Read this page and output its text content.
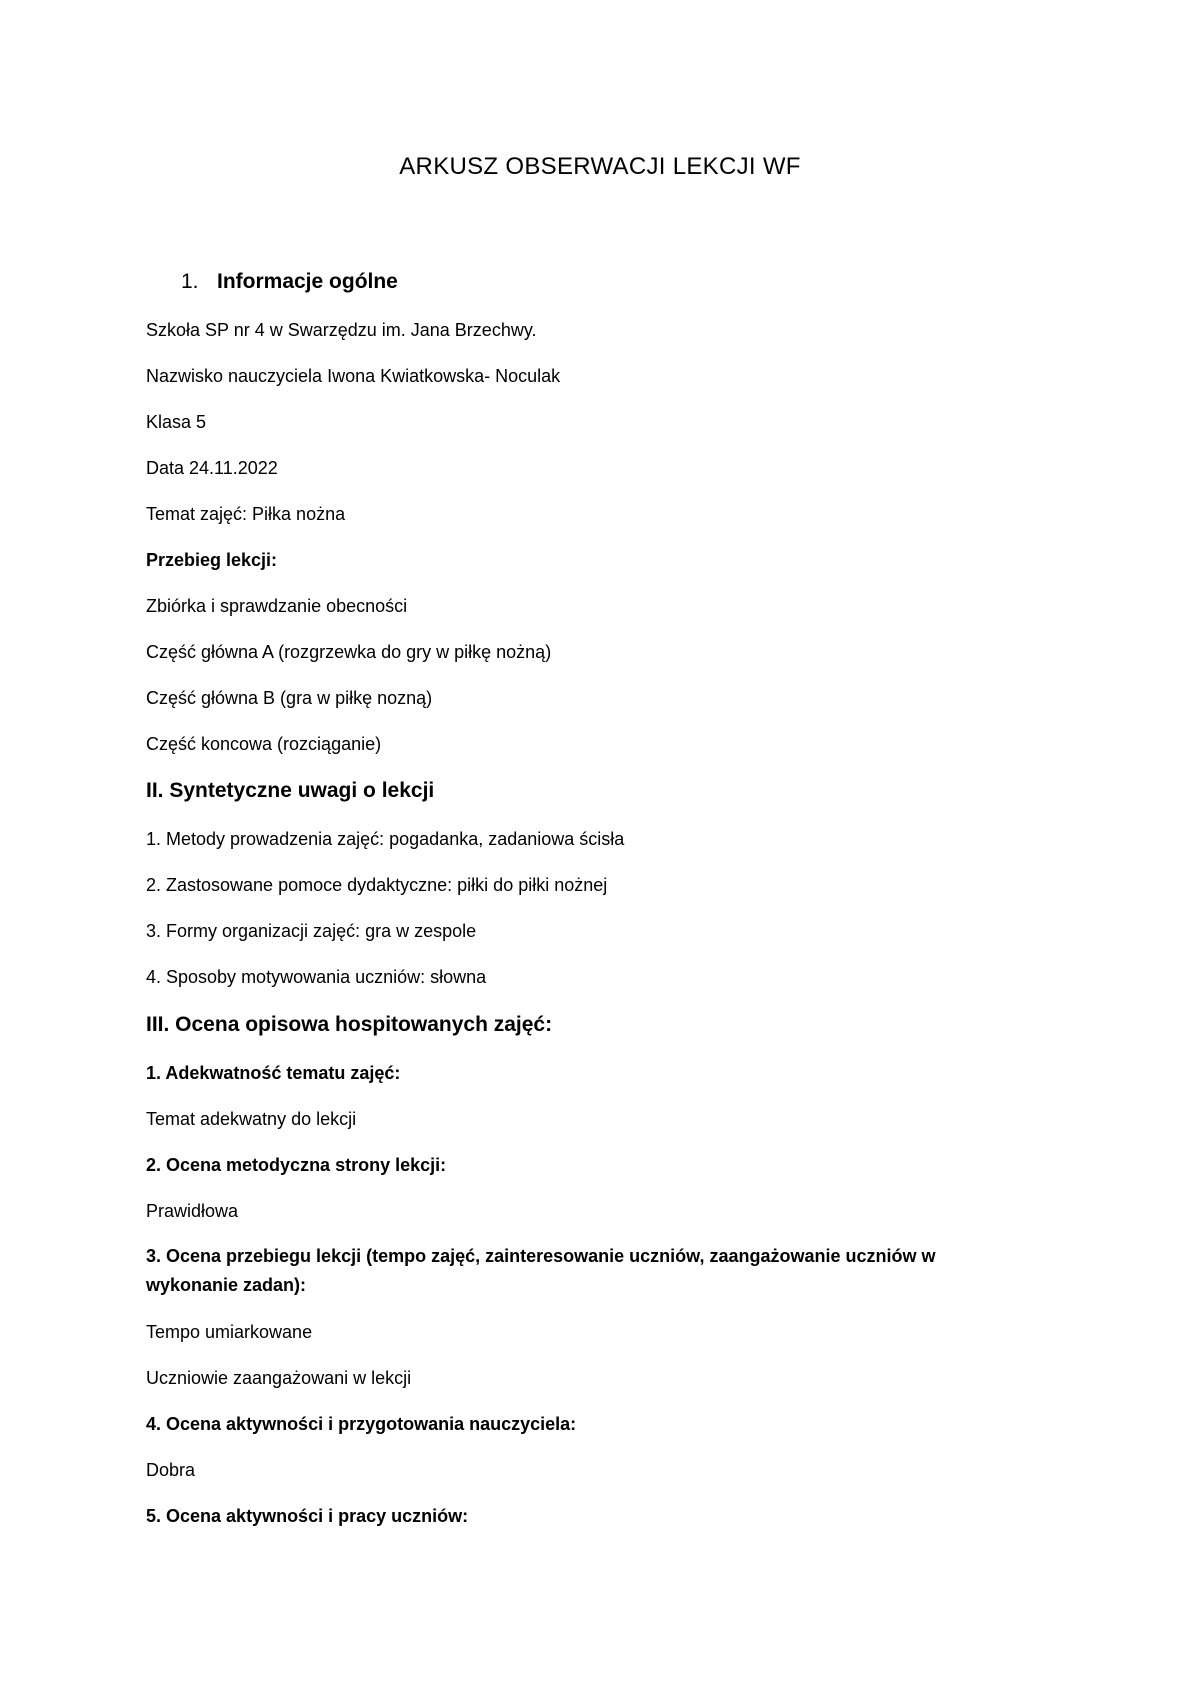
ARKUSZ OBSERWACJI LEKCJI WF
1. Informacje ogólne
Szkoła SP nr 4 w Swarzędzu im. Jana Brzechwy.
Nazwisko nauczyciela Iwona Kwiatkowska- Noculak
Klasa 5
Data 24.11.2022
Temat zajęć: Piłka nożna
Przebieg lekcji:
Zbiórka i sprawdzanie obecności
Część główna A (rozgrzewka do gry w piłkę nożną)
Część główna B (gra w piłkę nozną)
Część koncowa (rozciąganie)
II. Syntetyczne uwagi o lekcji
1. Metody prowadzenia zajęć: pogadanka, zadaniowa ścisła
2. Zastosowane pomoce dydaktyczne: piłki do piłki nożnej
3. Formy organizacji zajęć: gra w zespole
4. Sposoby motywowania uczniów: słowna
III. Ocena opisowa hospitowanych zajęć:
1. Adekwatność tematu zajęć:
Temat adekwatny do lekcji
2. Ocena metodyczna strony lekcji:
Prawidłowa
3. Ocena przebiegu lekcji (tempo zajęć, zainteresowanie uczniów, zaangażowanie uczniów w wykonanie zadan):
Tempo umiarkowane
Uczniowie zaangażowani w lekcji
4. Ocena aktywności i przygotowania nauczyciela:
Dobra
5. Ocena aktywności i pracy uczniów:
